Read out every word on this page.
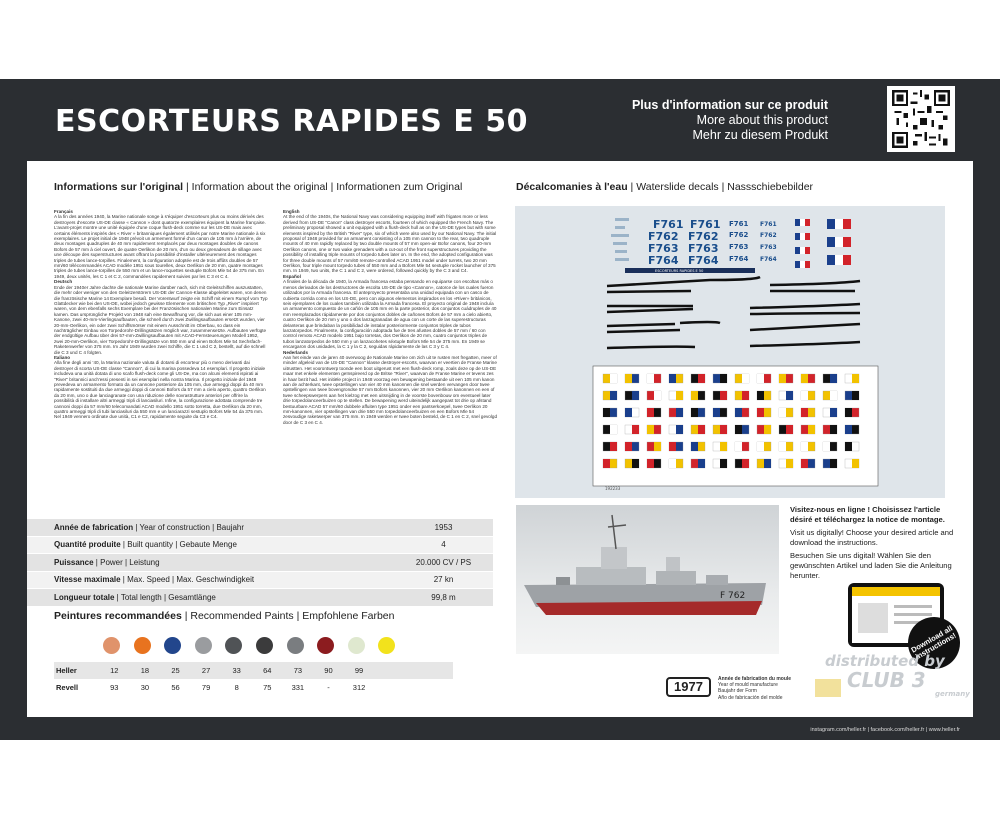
ESCORTEURS RAPIDES E 50	Plus d'information sur ce produit
More about this product
Mehr zu diesem Produkt
Informations sur l'original | Information about the original | Informationen zum Original
Français
A la fin des années 1940, la Marine nationale songe à s'équiper d'escorteurs plus ou moins dérivés des destroyers d'escorte US-DE classe « Cannon » dont quatorze exemplaires équipent la Marine française. L'avant-projet montre une unité équipée d'une coque flush-deck comme sur les US-DE mais avec certains éléments inspirés des « River » britanniques également utilisés par notre Marine nationale à six exemplaires. Le projet initial de 1948 prévoit un armement formé d'un canon de 105 mm à l'arrière, de deux montages quadruples de 40 mm rapidement remplacés par deux montages doubles de canons Bofors de 57 mm à ciel ouvert, de quatre Oerlikon de 20 mm, d'un ou deux grenadeurs de sillage avec une découpe des superstructures avant offrant la possibilité d'installer ultérieurement des montages triples de tubes lance-torpilles. Finalement, la configuration adoptée est de trois affûts doubles de 57 mm/60 télécommandés ACAD modèle 1951 sous tourelles, deux Oerlikon de 20 mm, quatre montages triples de tubes lance-torpilles de 550 mm et un lance-roquettes sextuple Bofors Mle 54 de 375 mm. En 1949, deux unités, les C 1 et C 2, commandées rapidement suivies par les C 3 et C 4.
Deutsch
Ende der 1940er Jahre dachte die nationale Marine darüber nach, sich mit Geleitschiffen auszustatten, die mehr oder weniger von den Geleitzerstörern US-DE der Cannon-Klasse abgeleitet waren, von denen die französische Marine 14 Exemplare besaß. Der Vorentwurf zeigte ein Schiff mit einem Rumpf vom Typ Glattdecker wie bei den US-DE, wobei jedoch gewisse Elemente vom britischen Typ „River" inspiriert waren, von dem ebenfalls sechs Exemplare bei der Französischen nationalen Marine zum Einsatz kamen. Das ursprüngliche Projekt von 1948 sah eine Bewaffnung vor, die sich aus einer 105 mm-Kanone, zwei 40-mm-Vierlingsaufbauten, die schnell durch zwei Zwillingsaufbauten ersetzt wurden, vier 20-mm-Oerlikon, ein oder zwei Schiffsmörser mit einem Ausschnitt im Oberbau, so dass ein nachträglicher Einbau von Torpedorohr-Drillingsätzen möglich war, zusammensetzte. Aufbauten verfügte der endgültige Aufbau über drei 57-mm-Zwillingsaufbauten mit ACAD-Fernsteuerungen Modell 1952, zwei 20-mm-Oerlikon, vier Torpedorohr-Drillingsätze von 550 mm und einen Bofors Mle 54 Sechsfach-Raketenwerfer von 375 mm. Im Jahr 1949 wurden zwei Schiffe, die C 1 und C 2, bestellt, auf die schnell die C 3 und C 4 folgten.
Italiano
Alla fine degli anni '40, la Marina nazionale valuta di dotarsi di escorteur più o meno derivanti dai destroyer di scorta US-DE classe "Cannon", di cui la marina possedeva 14 esemplari. Il progetto iniziale includeva una unità dotata di uno scafo flush-deck come gli US-De, ma con alcuni elementi ispirati ai "River" britannici anch'essi presenti in sei esemplari nella nostra Marina. Il progetto iniziale del 1948 prevedeva un armamento formato da un cannone posteriore da 105 mm, due armeggi doppi da 40 mm rapidamente sostituiti da due armeggi doppi di cannoni Bofors da 57 mm a cielo aperto, quattro Oerlikon da 20 mm, uno o due lanciagranate con una riduzione delle sovrastrutture anteriori per offrire la possibilità di installare altri armeggi tripli di lanciasiluri. Infine, la configurazione adottata comprende tre cannoni doppi da 57 mm/60 telecomandati ACAD modello 1951 sotto torretta, due Oerlikon da 20 mm, quattro armeggi tripli di tubi lanciasiluri da 550 mm e un lanciarazzi sestuplo Bofors Mle 54 da 375 mm. Nel 1949 vennero ordinate due unità, C1 e C2, rapidamente seguite da C3 e C4.
English
At the end of the 1940s, the National Navy was considering equipping itself with frigates more or less derived from US-DE "Canon" class destroyer escorts, fourteen of which equipped the French Navy. The preliminary proposal showed a unit equipped with a flush-deck hull as on the US-DE types but with some elements inspired by the British "River" type, six of which were also used by our National Navy. The initial proposal of 1948 provided for an armament consisting of a 105 mm cannon to the rear, two quadruple mounts of 40 mm rapidly replaced by two double mounts of 57 mm open-air Bofor canons, four 20-mm Oerlikon canons, one or two wake grenaders with a cut-out of the front superstructures providing the possibility of installing triple mounts of torpedo tubes later on. In the end, the adopted configuration was for three double mounts of 57 mm/60 remote-controlled ACAD 1951 model under turrets, two 20 mm Oerlikon, four triple mount torpedo tubes of 550 mm and a Bofors Mle 54 sextuple rocket launcher of 375 mm. In 1949, two units, the C 1 and C 2, were ordered, followed quickly by the C 3 and C4.
Español
A finales de la década de 1940, la Armada francesa estaba pensando en equiparse con escoltas más o menos derivados de los destructores de escolta US-DE de tipo «Cannon», catorce de los cuales fueron utilizados por la Armada francesa. El anteproyecto presentaba una unidad equipada con un casco de cubierta corrida como en los US-DE, pero con algunos elementos inspirados en los «River» británicos, seis ejemplares de los cuales también utilizaba la Armada francesa. El proyecto original de 1948 incluía un armamento compuesto de un cañón de 105 mm en la parte posterior, dos conjuntos cuádruples de 40 mm reemplazados rápidamente por dos conjuntos dobles de cañones Bofors de 57 mm a cielo abierto, cuatro Oerlikon de 20 mm y uno o dos lanzagranadas de agua con un corte de las superestructuras delanteras que brindaban la posibilidad de instalar posteriormente conjuntos triples de tubos lanzatorpedos. Finalmente, la configuración adoptada fue de tres afustes dobles de 57 mm / 60 con control remoto ACAD modelo 1951 bajo torretas, dos Oerlikon de 20 mm, cuatro conjuntos triples de tubos lanzatorpedos de 550 mm y un lanzacohetes séxtuple Bofors Mle 54 de 375 mm. En 1949 se encargaron dos unidades, la C 1 y la C 2, seguidas rápidamente de las C 3 y C 4.
Nederlands
Aan het einde van de jaren 40 overwoog de Nationale Marine om zich uit te rusten met fregatten, meer of minder afgeleid van de US-DE "Cannon" klasse destroyer-escorts, waarvan er veertien de Franse Marine uitrustten. Het voorontwerp toonde een boot uitgerust met een flush-deck romp, zoals deze op de US-DE maar met enkele elementen geïnspireerd op de Britse "River", waarvan de Franse Marine er tevens zes in haar bezit had. Het initiële project in 1948 voorzag een bewapening bestaande uit een 105 mm kanon aan de achterkant, twee opstellingen van vier 40 mm kanonnen die snel werden vervangen door twee opstellingen van twee bovengrondse 57 mm Bofors kanonnen, vier 20 mm Oerlikon kanonnen en een of twee scheepswerpers aan het kielzog met een uitsnijding in de voorste bovenbouw om eventueel later drie torpedolanceerbuizen op te stellen. De bewapening werd uiteindelijk aangepast tot drie op afstand bestuurbare ACAD 57 mm/60 dubbele affuiten type 1951 onder een pantserkoepel, twee Oerlikon 20 mm-kanonnen, vier opstellingen van drie 550 mm torpedolanceerbuizen en een Bofors Mle 54 zesvoudige raketwerper van 375 mm. In 1949 werden er twee boten besteld, de C 1 en C 2, snel gevolgd door de C 3 en C 4.
Année de fabrication | Year of construction | Baujahr	1953
Quantité produite | Built quantity | Gebaute Menge	4
Puissance | Power | Leistung	20.000 CV / PS
Vitesse maximale | Max. Speed | Max. Geschwindigkeit	27 kn
Longueur totale | Total length | Gesamtlänge	99,8 m
Peintures recommandées | Recommended Paints | Empfohlene Farben
Heller	12	18	25	27	33	64	73	90	99
Revell	93	30	56	79	8	75	331	-	312
Décalcomanies à l'eau | Waterslide decals | Nassschiebebilder
F761
F762
F763
F764
F761
F762
F763
F764
F761
F762
F763
F764
F761
F762
F763
F764
ESCORTEURS RAPIDES E 50
192233
F 762

Visitez-nous en ligne ! Choisissez l'article désiré et téléchargez la notice de montage.

Visit us digitally! Choose your desired article and download the instructions.

Besuchen Sie uns digital! Wählen Sie den gewünschten Artikel und laden Sie die Anleitung herunter.

Download all instructions!
1977	Année de fabrication du moule
Year of mould manufacture
Baujahr der Form
Año de fabricación del molde
distributed by
CLUB 3
germany
instagram.com/heller.fr | facebook.com/heller.fr | www.heller.fr
